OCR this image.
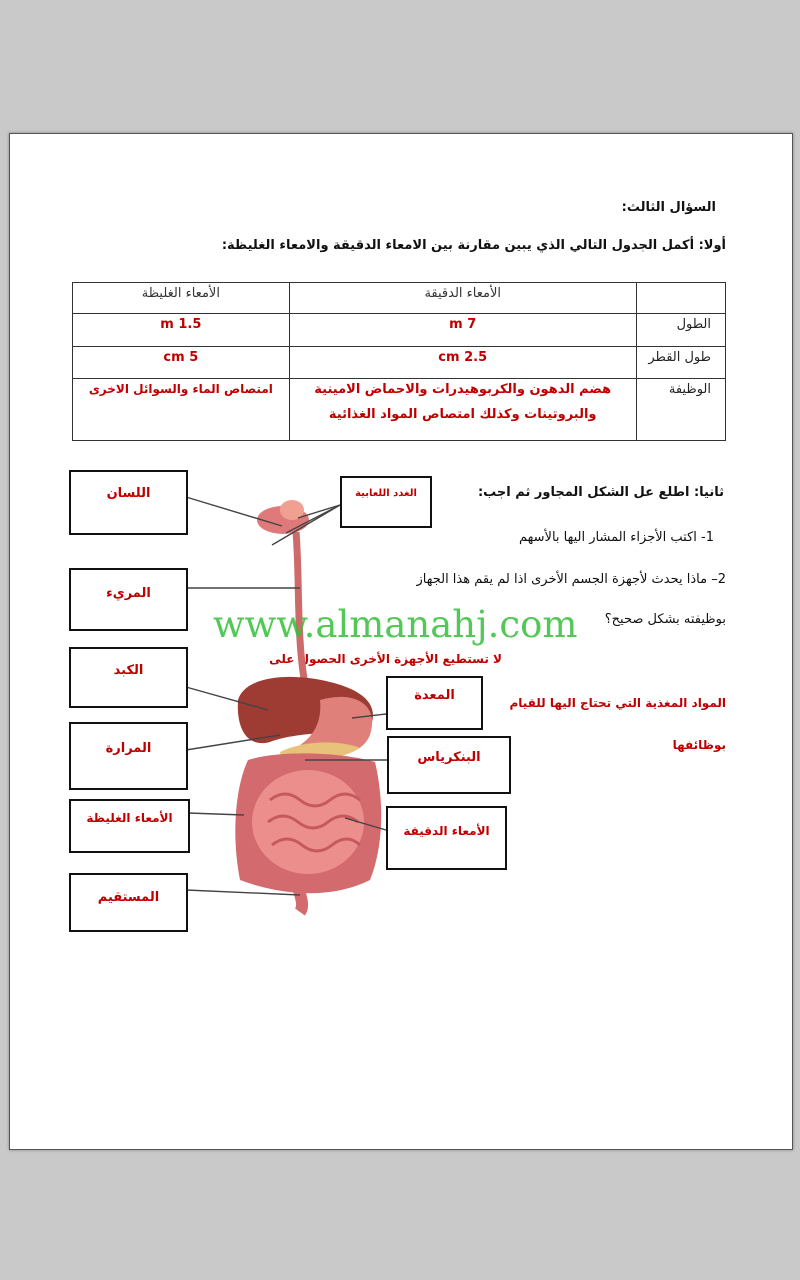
السؤال الثالث:
أولا: أكمل الجدول التالي الذي يبين مقارنة بين الامعاء الدقيقة والامعاء الغليظة:
	الأمعاء الدقيقة	الأمعاء الغليظة
الطول	7 m	1.5 m
طول القطر	2.5 cm	5 cm
الوظيفة	هضم الدهون والكربوهيدرات والاحماض الامينية
والبروتينات وكذلك امتصاص المواد الغذائية	امتصاص الماء والسوائل الاخرى
ثانيا: اطلع عل الشكل المجاور ثم اجب:
1- اكتب الأجزاء المشار اليها بالأسهم
2– ماذا يحدث لأجهزة الجسم الأخرى اذا لم يقم هذا الجهاز
بوظيفته بشكل صحيح؟
لا تستطيع الأجهزة الأخرى الحصول على
المواد المغذية التي تحتاج اليها للقيام
بوظائفها
اللسان	الغدد اللعابية
المريء
الكبد
المعدة
المرارة
البنكرياس
الأمعاء الغليظة
الأمعاء الدقيقة
المستقيم
www.almanahj.com
